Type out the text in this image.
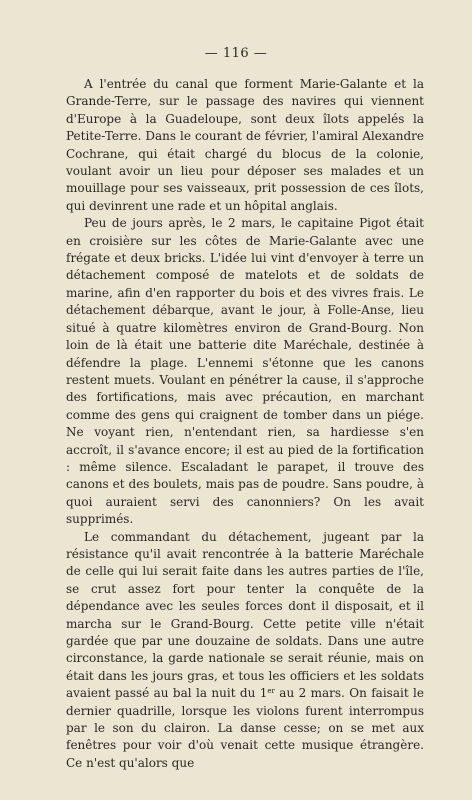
— 116 —

A l'entrée du canal que forment Marie-Galante et la Grande-Terre, sur le passage des navires qui viennent d'Europe à la Guadeloupe, sont deux îlots appelés la Petite-Terre. Dans le courant de février, l'amiral Alexandre Cochrane, qui était chargé du blocus de la colonie, voulant avoir un lieu pour déposer ses malades et un mouillage pour ses vaisseaux, prit possession de ces îlots, qui devinrent une rade et un hôpital anglais.

Peu de jours après, le 2 mars, le capitaine Pigot était en croisière sur les côtes de Marie-Galante avec une frégate et deux bricks. L'idée lui vint d'envoyer à terre un détachement composé de matelots et de soldats de marine, afin d'en rapporter du bois et des vivres frais. Le détachement débarque, avant le jour, à Folle-Anse, lieu situé à quatre kilomètres environ de Grand-Bourg. Non loin de là était une batterie dite Maréchale, destinée à défendre la plage. L'ennemi s'étonne que les canons restent muets. Voulant en pénétrer la cause, il s'approche des fortifications, mais avec précaution, en marchant comme des gens qui craignent de tomber dans un piége. Ne voyant rien, n'entendant rien, sa hardiesse s'en accroît, il s'avance encore; il est au pied de la fortification : même silence. Escaladant le parapet, il trouve des canons et des boulets, mais pas de poudre. Sans poudre, à quoi auraient servi des canonniers? On les avait supprimés.

Le commandant du détachement, jugeant par la résistance qu'il avait rencontrée à la batterie Maréchale de celle qui lui serait faite dans les autres parties de l'île, se crut assez fort pour tenter la conquête de la dépendance avec les seules forces dont il disposait, et il marcha sur le Grand-Bourg. Cette petite ville n'était gardée que par une douzaine de soldats. Dans une autre circonstance, la garde nationale se serait réunie, mais on était dans les jours gras, et tous les officiers et les soldats avaient passé au bal la nuit du 1er au 2 mars. On faisait le dernier quadrille, lorsque les violons furent interrompus par le son du clairon. La danse cesse; on se met aux fenêtres pour voir d'où venait cette musique étrangère. Ce n'est qu'alors que
